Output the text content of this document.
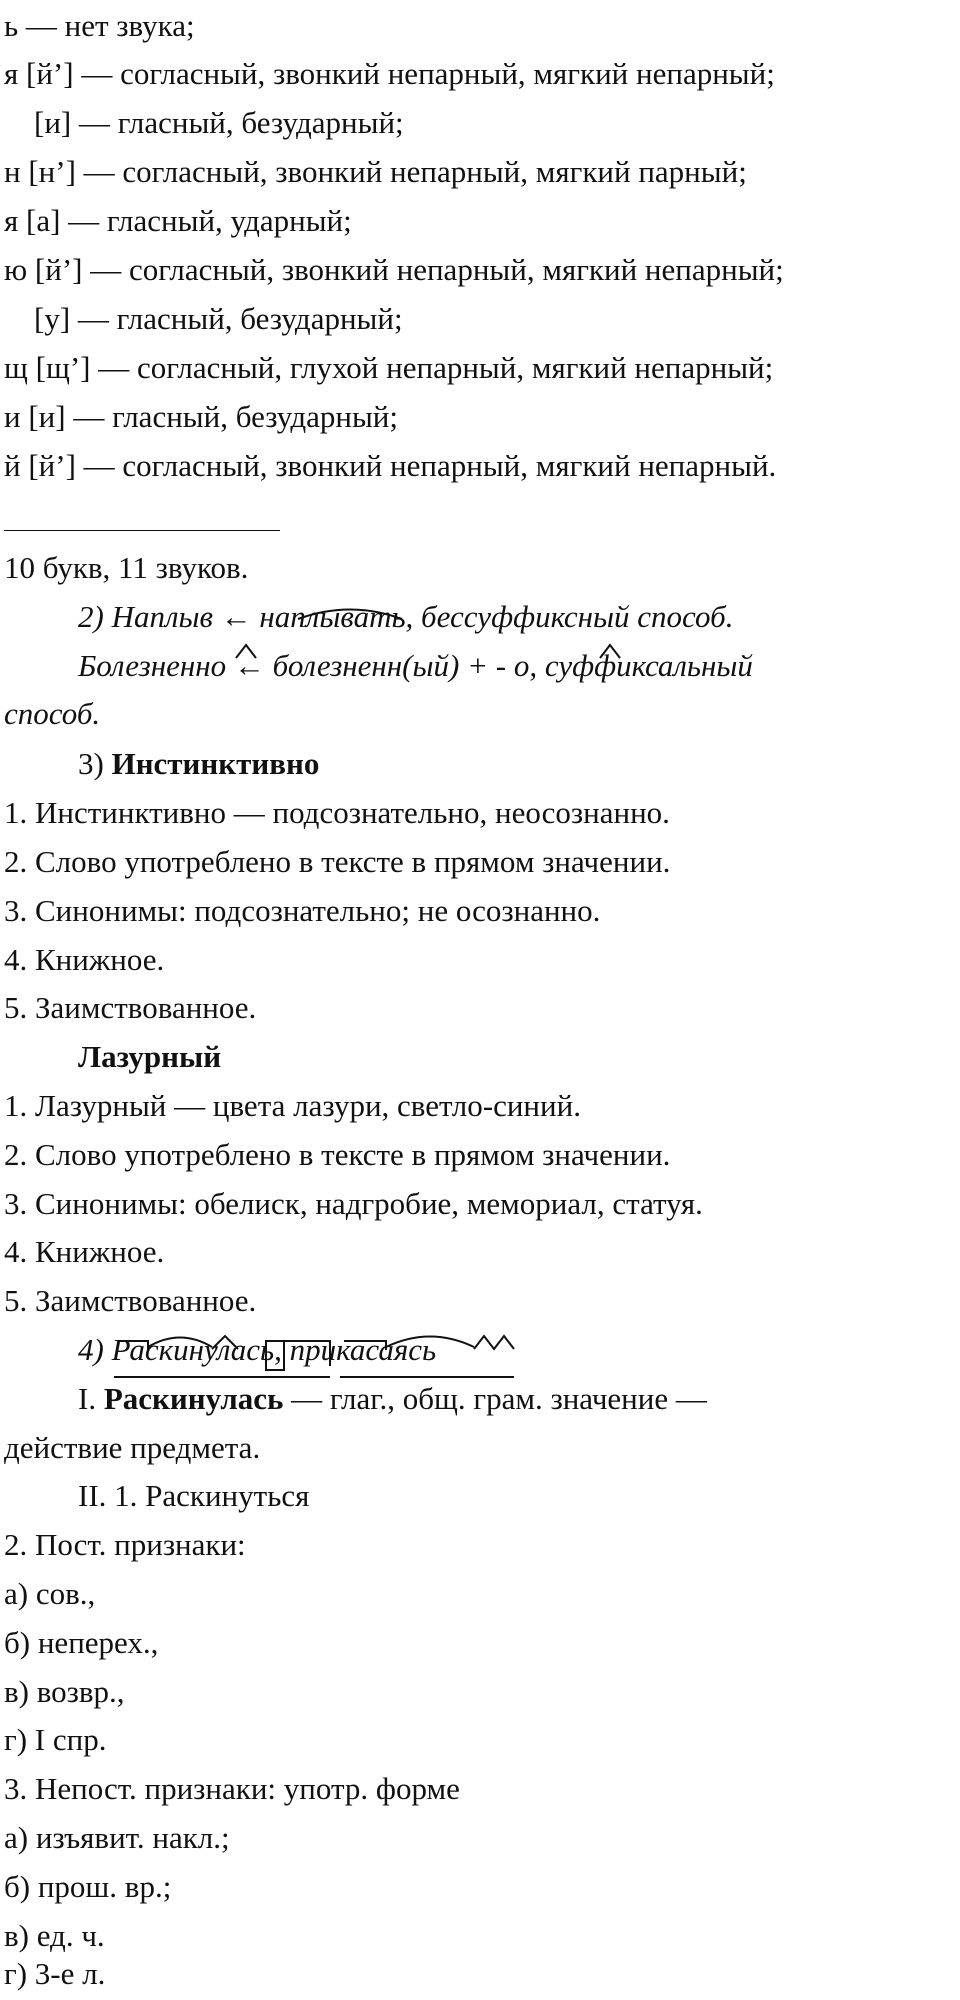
ь — нет звука;
я [й’] — согласный, звонкий непарный, мягкий непарный;
[и] — гласный, безударный;
н [н’] — согласный, звонкий непарный, мягкий парный;
я [а] — гласный, ударный;
ю [й’] — согласный, звонкий непарный, мягкий непарный;
[у] — гласный, безударный;
щ [щ’] — согласный, глухой непарный, мягкий непарный;
и [и] — гласный, безударный;
й [й’] — согласный, звонкий непарный, мягкий непарный.
10 букв, 11 звуков.
2) Наплыв ← наплывать, бессуффиксный способ.
Болезненно ← болезненн(ый) + - о, суффиксальный
способ.
3) Инстинктивно
1. Инстинктивно — подсознательно, неосознанно.
2. Слово употреблено в тексте в прямом значении.
3. Синонимы: подсознательно; не осознанно.
4. Книжное.
5. Заимствованное.
Лазурный
1. Лазурный — цвета лазури, светло-синий.
2. Слово употреблено в тексте в прямом значении.
3. Синонимы: обелиск, надгробие, мемориал, статуя.
4. Книжное.
5. Заимствованное.
4) Раскинулась, прикасаясь
I. Раскинулась — глаг., общ. грам. значение —
действие предмета.
II. 1. Раскинуться
2. Пост. признаки:
а) сов.,
б) неперех.,
в) возвр.,
г) I спр.
3. Непост. признаки: употр. форме
а) изъявит. накл.;
б) прош. вр.;
в) ед. ч.
г) 3-е л.
